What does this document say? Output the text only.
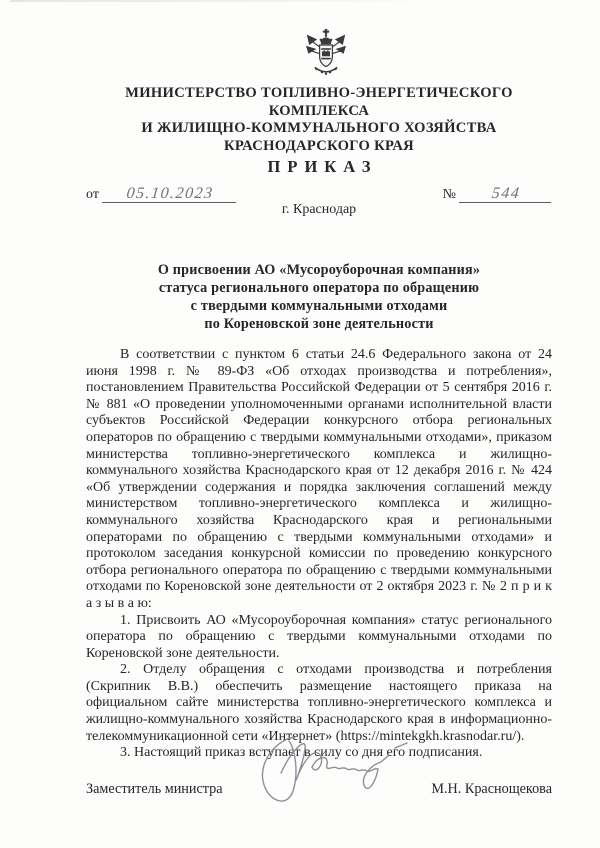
МИНИСТЕРСТВО ТОПЛИВНО-ЭНЕРГЕТИЧЕСКОГО КОМПЛЕКСА
И ЖИЛИЩНО-КОММУНАЛЬНОГО ХОЗЯЙСТВА
КРАСНОДАРСКОГО КРАЯ
ПРИКАЗ
от	05.10.2023	№	544
г. Краснодар
О присвоении АО «Мусороуборочная компания»
статуса регионального оператора по обращению
с твердыми коммунальными отходами
по Кореновской зоне деятельности

В соответствии с пунктом 6 статьи 24.6 Федерального закона от 24 июня 1998 г. № 89-ФЗ «Об отходах производства и потребления», постановлением Правительства Российской Федерации от 5 сентября 2016 г. № 881 «О проведении уполномоченными органами исполнительной власти субъектов Российской Федерации конкурсного отбора региональных операторов по обращению с твердыми коммунальными отходами», приказом министерства топливно-энергетического комплекса и жилищно-коммунального хозяйства Краснодарского края от 12 декабря 2016 г. № 424 «Об утверждении содержания и порядка заключения соглашений между министерством топливно-энергетического комплекса и жилищно-коммунального хозяйства Краснодарского края и региональными операторами по обращению с твердыми коммунальными отходами» и протоколом заседания конкурсной комиссии по проведению конкурсного отбора регионального оператора по обращению с твердыми коммунальными отходами по Кореновской зоне деятельности от 2 октября 2023 г. № 2 п р и к а з ы в а ю:

1. Присвоить АО «Мусороуборочная компания» статус регионального оператора по обращению с твердыми коммунальными отходами по Кореновской зоне деятельности.

2. Отделу обращения с отходами производства и потребления (Скрипник В.В.) обеспечить размещение настоящего приказа на официальном сайте министерства топливно-энергетического комплекса и жилищно-коммунального хозяйства Краснодарского края в информационно-телекоммуникационной сети «Интернет» (https://mintekgkh.krasnodar.ru/).

3. Настоящий приказ вступает в силу со дня его подписания.

Заместитель министра	М.Н. Краснощекова
